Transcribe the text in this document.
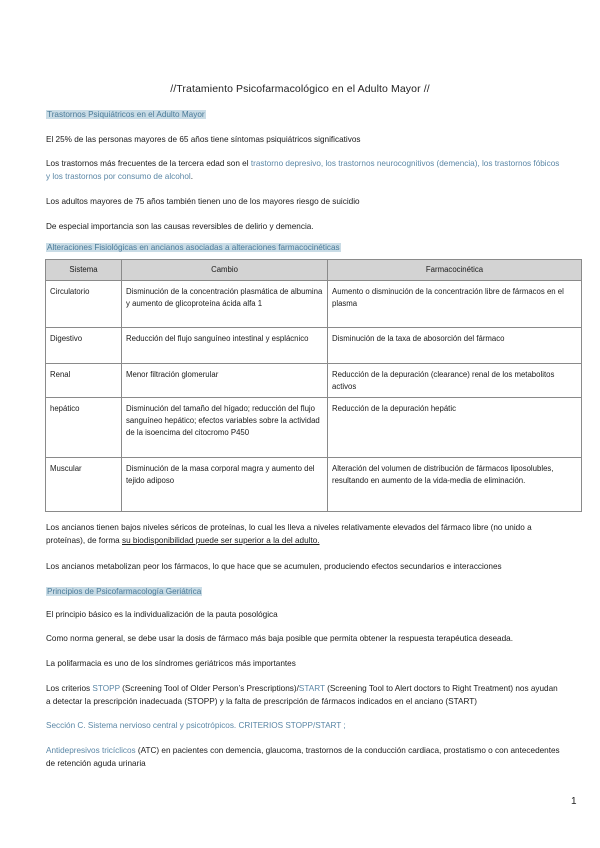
//Tratamiento Psicofarmacológico en el Adulto Mayor //
Trastornos Psiquiátricos en el Adulto Mayor
El 25% de las personas mayores de 65 años tiene síntomas psiquiátricos significativos
Los trastornos más frecuentes de la tercera edad son el trastorno depresivo, los trastornos neurocognitivos (demencia), los trastornos fóbicos y los trastornos por consumo de alcohol.
Los adultos mayores de 75 años también tienen uno de los mayores riesgo de suicidio
De especial importancia son las causas reversibles de delirio y demencia.
Alteraciones Fisiológicas en ancianos asociadas a alteraciones farmacocinéticas
Sistema	Cambio	Farmacocinética
Circulatorio	Disminución de la concentración plasmática de albumina y aumento de glicoproteína ácida alfa 1	Aumento o disminución de la concentración libre de fármacos en el plasma
Digestivo	Reducción del flujo sanguíneo intestinal y esplácnico	Disminución de la taxa de abosorción del fármaco
Renal	Menor filtración glomerular	Reducción de la depuración (clearance) renal de los metabolitos activos
hepático	Disminución del tamaño del hígado; reducción del flujo sanguíneo hepático; efectos variables sobre la actividad de la isoencima del citocromo P450	Reducción de la depuración hepátic
Muscular	Disminución de la masa corporal magra y aumento del tejido adiposo	Alteración del volumen de distribución de fármacos liposolubles, resultando en aumento de la vida-media de eliminación.
Los ancianos tienen bajos niveles séricos de proteínas, lo cual les lleva a niveles relativamente elevados del fármaco libre (no unido a proteínas), de forma su biodisponibilidad puede ser superior a la del adulto.
Los ancianos metabolizan peor los fármacos, lo que hace que se acumulen, produciendo efectos secundarios e interacciones
Principios de Psicofarmacología Geriátrica
El principio básico es la individualización de la pauta posológica
Como norma general, se debe usar la dosis de fármaco más baja posible que permita obtener la respuesta terapéutica deseada.
La polifarmacia es uno de los síndromes geriátricos más importantes
Los criterios STOPP (Screening Tool of Older Person’s Prescriptions)/START (Screening Tool to Alert doctors to Right Treatment) nos ayudan a detectar la prescripción inadecuada (STOPP) y la falta de prescripción de fármacos indicados en el anciano (START)
Sección C. Sistema nervioso central y psicotrópicos. CRITERIOS STOPP/START ;
Antidepresivos tricíclicos (ATC) en pacientes con demencia, glaucoma, trastornos de la conducción cardiaca, prostatismo o con antecedentes de retención aguda urinaria
1
